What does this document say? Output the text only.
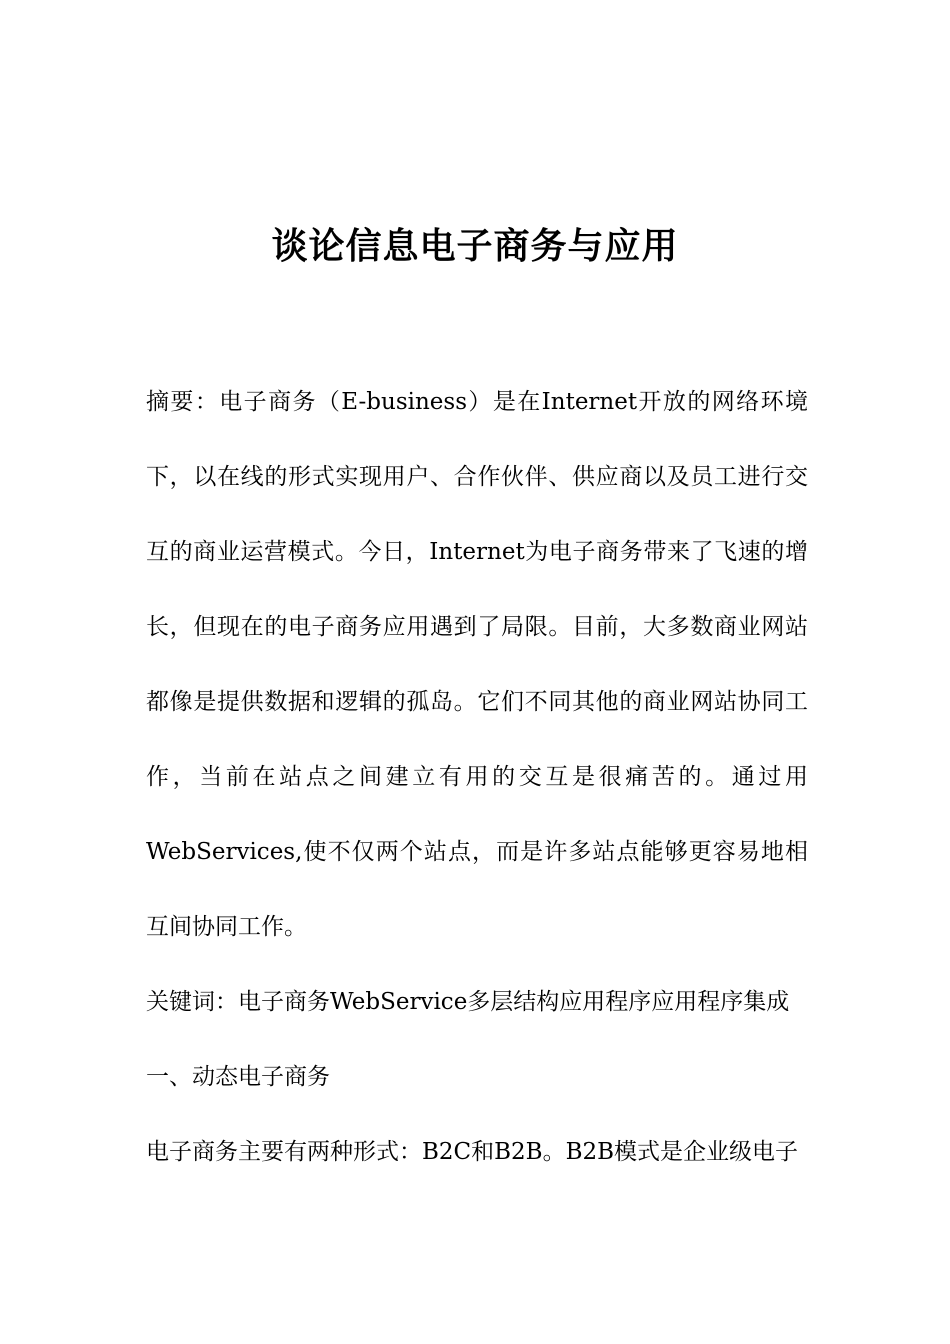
谈论信息电子商务与应用

摘要：电子商务（E-business）是在Internet开放的网络环境下，以在线的形式实现用户、合作伙伴、供应商以及员工进行交互的商业运营模式。今日，Internet为电子商务带来了飞速的增长，但现在的电子商务应用遇到了局限。目前，大多数商业网站都像是提供数据和逻辑的孤岛。它们不同其他的商业网站协同工作，当前在站点之间建立有用的交互是很痛苦的。通过用WebServices,使不仅两个站点，而是许多站点能够更容易地相互间协同工作。

关键词：电子商务WebService多层结构应用程序应用程序集成

一、动态电子商务

电子商务主要有两种形式：B2C和B2B。B2B模式是企业级电子
